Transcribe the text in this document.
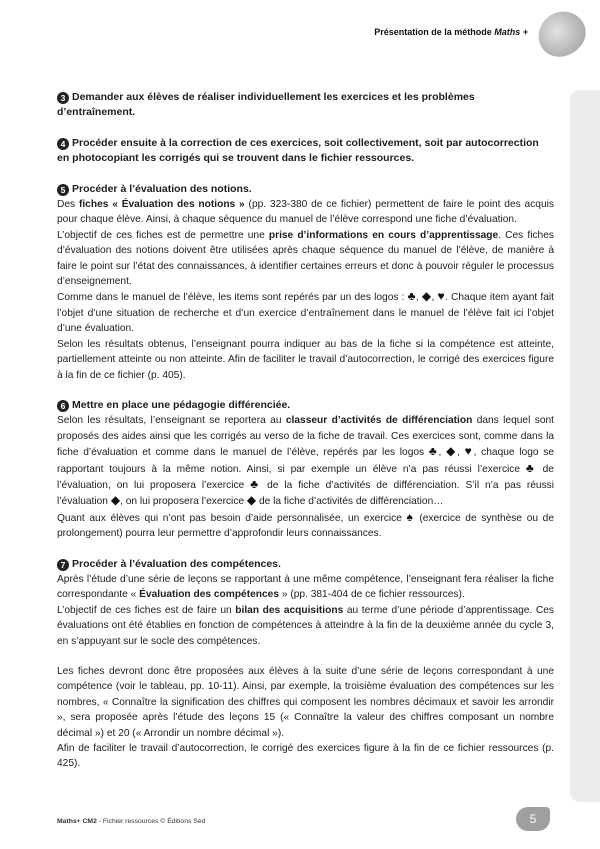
Présentation de la méthode Maths +

3 Demander aux élèves de réaliser individuellement les exercices et les problèmes d’entraînement.

4 Procéder ensuite à la correction de ces exercices, soit collectivement, soit par autocorrection en photocopiant les corrigés qui se trouvent dans le fichier ressources.

5 Procéder à l’évaluation des notions.

Des fiches « Évaluation des notions » (pp. 323-380 de ce fichier) permettent de faire le point des acquis pour chaque élève. Ainsi, à chaque séquence du manuel de l’élève correspond une fiche d’évaluation.

L’objectif de ces fiches est de permettre une prise d’informations en cours d’apprentissage. Ces fiches d’évaluation des notions doivent être utilisées après chaque séquence du manuel de l’élève, de manière à faire le point sur l’état des connaissances, à identifier certaines erreurs et donc à pouvoir réguler le processus d’enseignement.

Comme dans le manuel de l’élève, les items sont repérés par un des logos : ♣, ◆, ♥. Chaque item ayant fait l’objet d’une situation de recherche et d’un exercice d’entraînement dans le manuel de l’élève fait ici l’objet d’une évaluation.

Selon les résultats obtenus, l’enseignant pourra indiquer au bas de la fiche si la compétence est atteinte, partiellement atteinte ou non atteinte. Afin de faciliter le travail d’autocorrection, le corrigé des exercices figure à la fin de ce fichier (p. 405).

6 Mettre en place une pédagogie différenciée.

Selon les résultats, l’enseignant se reportera au classeur d’activités de différenciation dans lequel sont proposés des aides ainsi que les corrigés au verso de la fiche de travail. Ces exercices sont, comme dans la fiche d’évaluation et comme dans le manuel de l’élève, repérés par les logos ♣, ◆, ♥, chaque logo se rapportant toujours à la même notion. Ainsi, si par exemple un élève n’a pas réussi l’exercice ♣ de l’évaluation, on lui proposera l’exercice ♣ de la fiche d’activités de différenciation. S’il n’a pas réussi l’évaluation ◆, on lui proposera l’exercice ◆ de la fiche d’activités de différenciation…

Quant aux élèves qui n’ont pas besoin d’aide personnalisée, un exercice ♠ (exercice de synthèse ou de prolongement) pourra leur permettre d’approfondir leurs connaissances.

7 Procéder à l’évaluation des compétences.

Après l’étude d’une série de leçons se rapportant à une même compétence, l’enseignant fera réaliser la fiche correspondante « Évaluation des compétences » (pp. 381-404 de ce fichier ressources).

L’objectif de ces fiches est de faire un bilan des acquisitions au terme d’une période d’apprentissage. Ces évaluations ont été établies en fonction de compétences à atteindre à la fin de la deuxième année du cycle 3, en s’appuyant sur le socle des compétences.

Les fiches devront donc être proposées aux élèves à la suite d’une série de leçons correspondant à une compétence (voir le tableau, pp. 10-11). Ainsi, par exemple, la troisième évaluation des compétences sur les nombres, « Connaître la signification des chiffres qui composent les nombres décimaux et savoir les arrondir », sera proposée après l’étude des leçons 15 (« Connaître la valeur des chiffres composant un nombre décimal ») et 20 (« Arrondir un nombre décimal »).

Afin de faciliter le travail d’autocorrection, le corrigé des exercices figure à la fin de ce fichier ressources (p. 425).

Maths+ CM2 - Fichier ressources © Éditions Sed	5
